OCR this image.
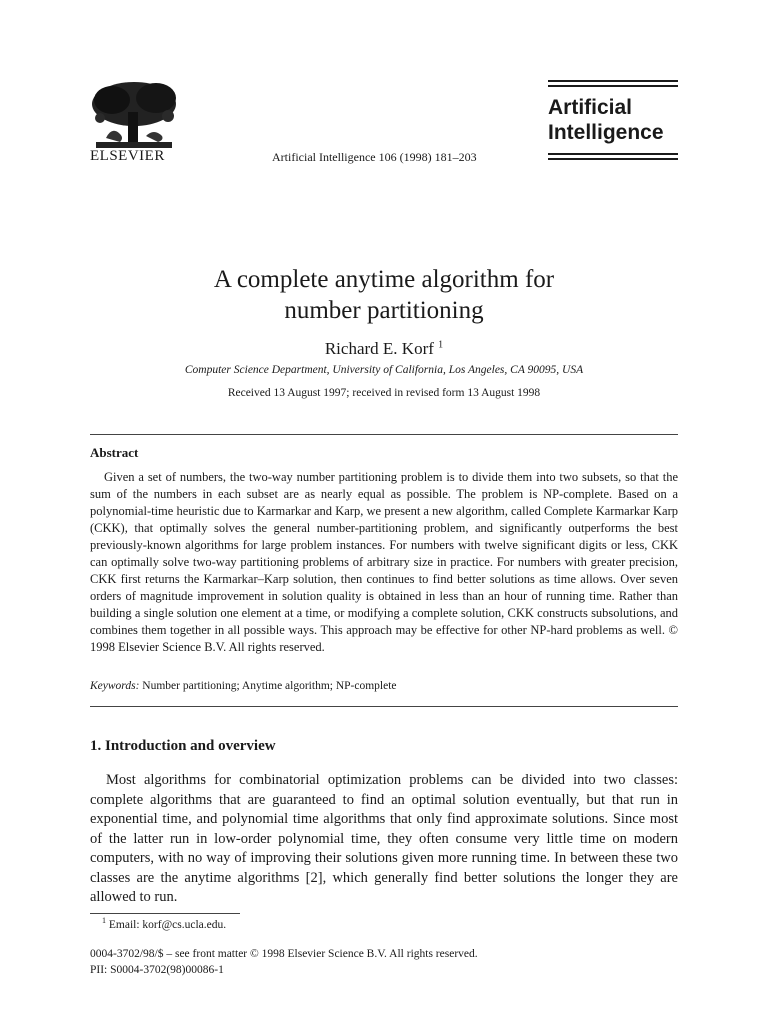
ELSEVIER	Artificial Intelligence 106 (1998) 181–203
Artificial
Intelligence
A complete anytime algorithm for
number partitioning
Richard E. Korf $^1$
Computer Science Department, University of California, Los Angeles, CA 90095, USA
Received 13 August 1997; received in revised form 13 August 1998
Abstract

Given a set of numbers, the two-way number partitioning problem is to divide them into two subsets, so that the sum of the numbers in each subset are as nearly equal as possible. The problem is NP-complete. Based on a polynomial-time heuristic due to Karmarkar and Karp, we present a new algorithm, called Complete Karmarkar Karp (CKK), that optimally solves the general number-partitioning problem, and significantly outperforms the best previously-known algorithms for large problem instances. For numbers with twelve significant digits or less, CKK can optimally solve two-way partitioning problems of arbitrary size in practice. For numbers with greater precision, CKK first returns the Karmarkar–Karp solution, then continues to find better solutions as time allows. Over seven orders of magnitude improvement in solution quality is obtained in less than an hour of running time. Rather than building a single solution one element at a time, or modifying a complete solution, CKK constructs subsolutions, and combines them together in all possible ways. This approach may be effective for other NP-hard problems as well. © 1998 Elsevier Science B.V. All rights reserved.

Keywords: Number partitioning; Anytime algorithm; NP-complete
1. Introduction and overview

Most algorithms for combinatorial optimization problems can be divided into two classes: complete algorithms that are guaranteed to find an optimal solution eventually, but that run in exponential time, and polynomial time algorithms that only find approximate solutions. Since most of the latter run in low-order polynomial time, they often consume very little time on modern computers, with no way of improving their solutions given more running time. In between these two classes are the anytime algorithms [2], which generally find better solutions the longer they are allowed to run.

$^1$ Email: korf@cs.ucla.edu.
0004-3702/98/$ – see front matter © 1998 Elsevier Science B.V. All rights reserved.
PII: S0004-3702(98)00086-1
